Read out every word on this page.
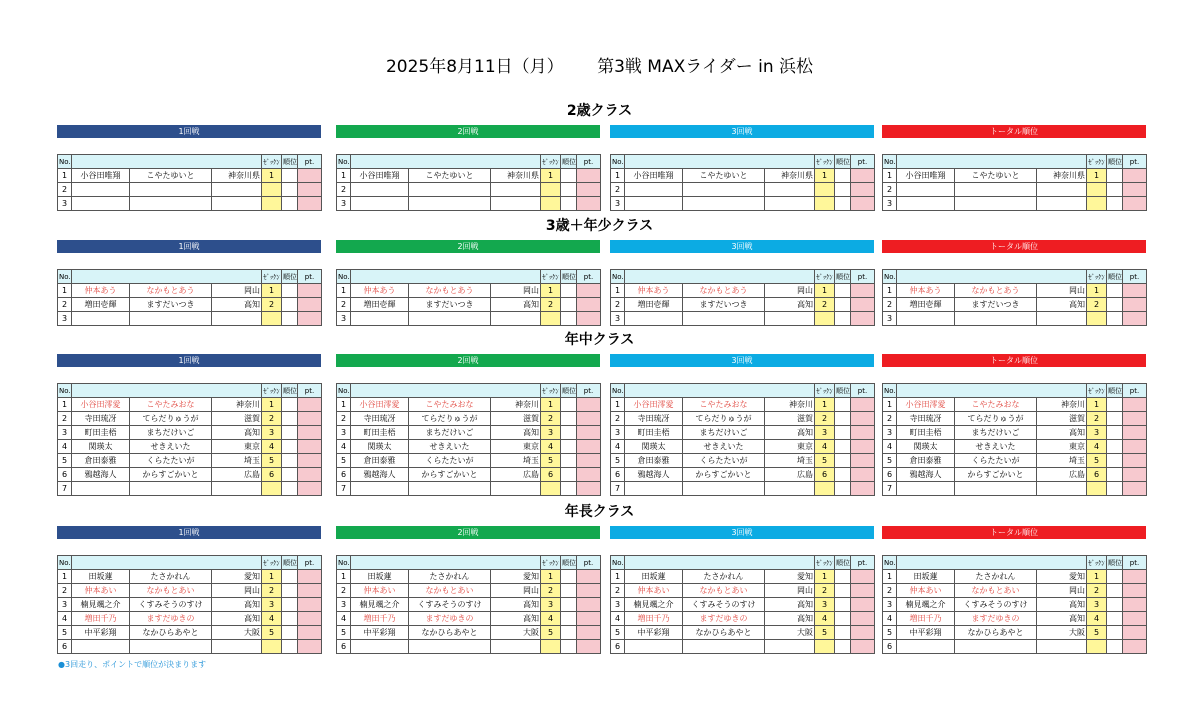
2025年8月11日（月） 第3戦 MAXライダー in 浜松
2歳クラス
1回戦
No.				ｾﾞｯｹﾝ	順位	pt.
1	小谷田唯翔	こやたゆいと	神奈川県	1		
2						
3						
2回戦
No.				ｾﾞｯｹﾝ	順位	pt.
1	小谷田唯翔	こやたゆいと	神奈川県	1		
2						
3						
3回戦
No.				ｾﾞｯｹﾝ	順位	pt.
1	小谷田唯翔	こやたゆいと	神奈川県	1		
2						
3						
トータル順位
No.				ｾﾞｯｹﾝ	順位	pt.
1	小谷田唯翔	こやたゆいと	神奈川県	1		
2						
3						
3歳＋年少クラス
1回戦
No.				ｾﾞｯｹﾝ	順位	pt.
1	仲本あう	なかもとあう	岡山	1		
2	増田壱輝	ますだいつき	高知	2		
3						
2回戦
No.				ｾﾞｯｹﾝ	順位	pt.
1	仲本あう	なかもとあう	岡山	1		
2	増田壱輝	ますだいつき	高知	2		
3						
3回戦
No.				ｾﾞｯｹﾝ	順位	pt.
1	仲本あう	なかもとあう	岡山	1		
2	増田壱輝	ますだいつき	高知	2		
3						
トータル順位
No.				ｾﾞｯｹﾝ	順位	pt.
1	仲本あう	なかもとあう	岡山	1		
2	増田壱輝	ますだいつき	高知	2		
3						
年中クラス
1回戦
No.				ｾﾞｯｹﾝ	順位	pt.
1	小谷田澪愛	こやたみおな	神奈川	1		
2	寺田琉冴	てらだりゅうが	滋賀	2		
3	町田圭梧	まちだけいご	高知	3		
4	関瑛太	せきえいた	東京	4		
5	倉田泰雅	くらたたいが	埼玉	5		
6	鴉越海人	からすごかいと	広島	6		
7						
2回戦
No.				ｾﾞｯｹﾝ	順位	pt.
1	小谷田澪愛	こやたみおな	神奈川	1		
2	寺田琉冴	てらだりゅうが	滋賀	2		
3	町田圭梧	まちだけいご	高知	3		
4	関瑛太	せきえいた	東京	4		
5	倉田泰雅	くらたたいが	埼玉	5		
6	鴉越海人	からすごかいと	広島	6		
7						
3回戦
No.				ｾﾞｯｹﾝ	順位	pt.
1	小谷田澪愛	こやたみおな	神奈川	1		
2	寺田琉冴	てらだりゅうが	滋賀	2		
3	町田圭梧	まちだけいご	高知	3		
4	関瑛太	せきえいた	東京	4		
5	倉田泰雅	くらたたいが	埼玉	5		
6	鴉越海人	からすごかいと	広島	6		
7						
トータル順位
No.				ｾﾞｯｹﾝ	順位	pt.
1	小谷田澪愛	こやたみおな	神奈川	1		
2	寺田琉冴	てらだりゅうが	滋賀	2		
3	町田圭梧	まちだけいご	高知	3		
4	関瑛太	せきえいた	東京	4		
5	倉田泰雅	くらたたいが	埼玉	5		
6	鴉越海人	からすごかいと	広島	6		
7						
年長クラス
1回戦
No.				ｾﾞｯｹﾝ	順位	pt.
1	田坂蓮	たさかれん	愛知	1		
2	仲本あい	なかもとあい	岡山	2		
3	楠見颯之介	くすみそうのすけ	高知	3		
4	増田千乃	ますだゆきの	高知	4		
5	中平彩翔	なかひらあやと	大阪	5		
6						
2回戦
No.				ｾﾞｯｹﾝ	順位	pt.
1	田坂蓮	たさかれん	愛知	1		
2	仲本あい	なかもとあい	岡山	2		
3	楠見颯之介	くすみそうのすけ	高知	3		
4	増田千乃	ますだゆきの	高知	4		
5	中平彩翔	なかひらあやと	大阪	5		
6						
3回戦
No.				ｾﾞｯｹﾝ	順位	pt.
1	田坂蓮	たさかれん	愛知	1		
2	仲本あい	なかもとあい	岡山	2		
3	楠見颯之介	くすみそうのすけ	高知	3		
4	増田千乃	ますだゆきの	高知	4		
5	中平彩翔	なかひらあやと	大阪	5		
6						
トータル順位
No.				ｾﾞｯｹﾝ	順位	pt.
1	田坂蓮	たさかれん	愛知	1		
2	仲本あい	なかもとあい	岡山	2		
3	楠見颯之介	くすみそうのすけ	高知	3		
4	増田千乃	ますだゆきの	高知	4		
5	中平彩翔	なかひらあやと	大阪	5		
6						
●3回走り、ポイントで順位が決まります
